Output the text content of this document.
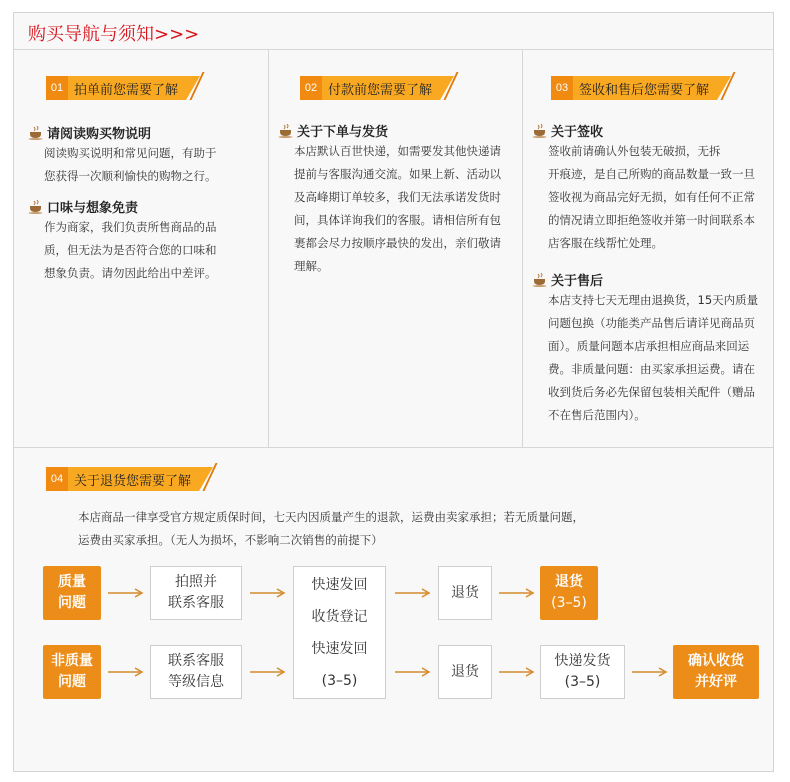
购买导航与须知>>>
01 拍单前您需要了解
请阅读购买物说明
阅读购买说明和常见问题，有助于
您获得一次顺利愉快的购物之行。
口味与想象免责
作为商家，我们负责所售商品的品
质，但无法为是否符合您的口味和
想象负责。请勿因此给出中差评。
02 付款前您需要了解
关于下单与发货
本店默认百世快递，如需要发其他快递请
提前与客服沟通交流。如果上新、活动以
及高峰期订单较多，我们无法承诺发货时
间，具体详询我们的客服。请相信所有包
裹都会尽力按顺序最快的发出，亲们敬请
理解。
03 签收和售后您需要了解
关于签收
签收前请确认外包装无破损，无拆
开痕迹，是自己所购的商品数量一致一旦
签收视为商品完好无损，如有任何不正常
的情况请立即拒绝签收并第一时间联系本
店客服在线帮忙处理。
关于售后
本店支持七天无理由退换货，15天内质量
问题包换（功能类产品售后请详见商品页
面）。质量问题本店承担相应商品来回运
费。非质量问题：由买家承担运费。请在
收到货后务必先保留包装相关配件（赠品
不在售后范围内）。
04 关于退货您需要了解
本店商品一律享受官方规定质保时间，七天内因质量产生的退款，运费由卖家承担；若无质量问题，
运费由买家承担。（无人为损坏，不影响二次销售的前提下）
质量
问题
拍照并
联系客服
快速发回
收货登记
快速发回
(3–5)
退货
退货
(3–5)
非质量
问题
联系客服
等级信息
退货
快递发货
(3–5)
确认收货
并好评
